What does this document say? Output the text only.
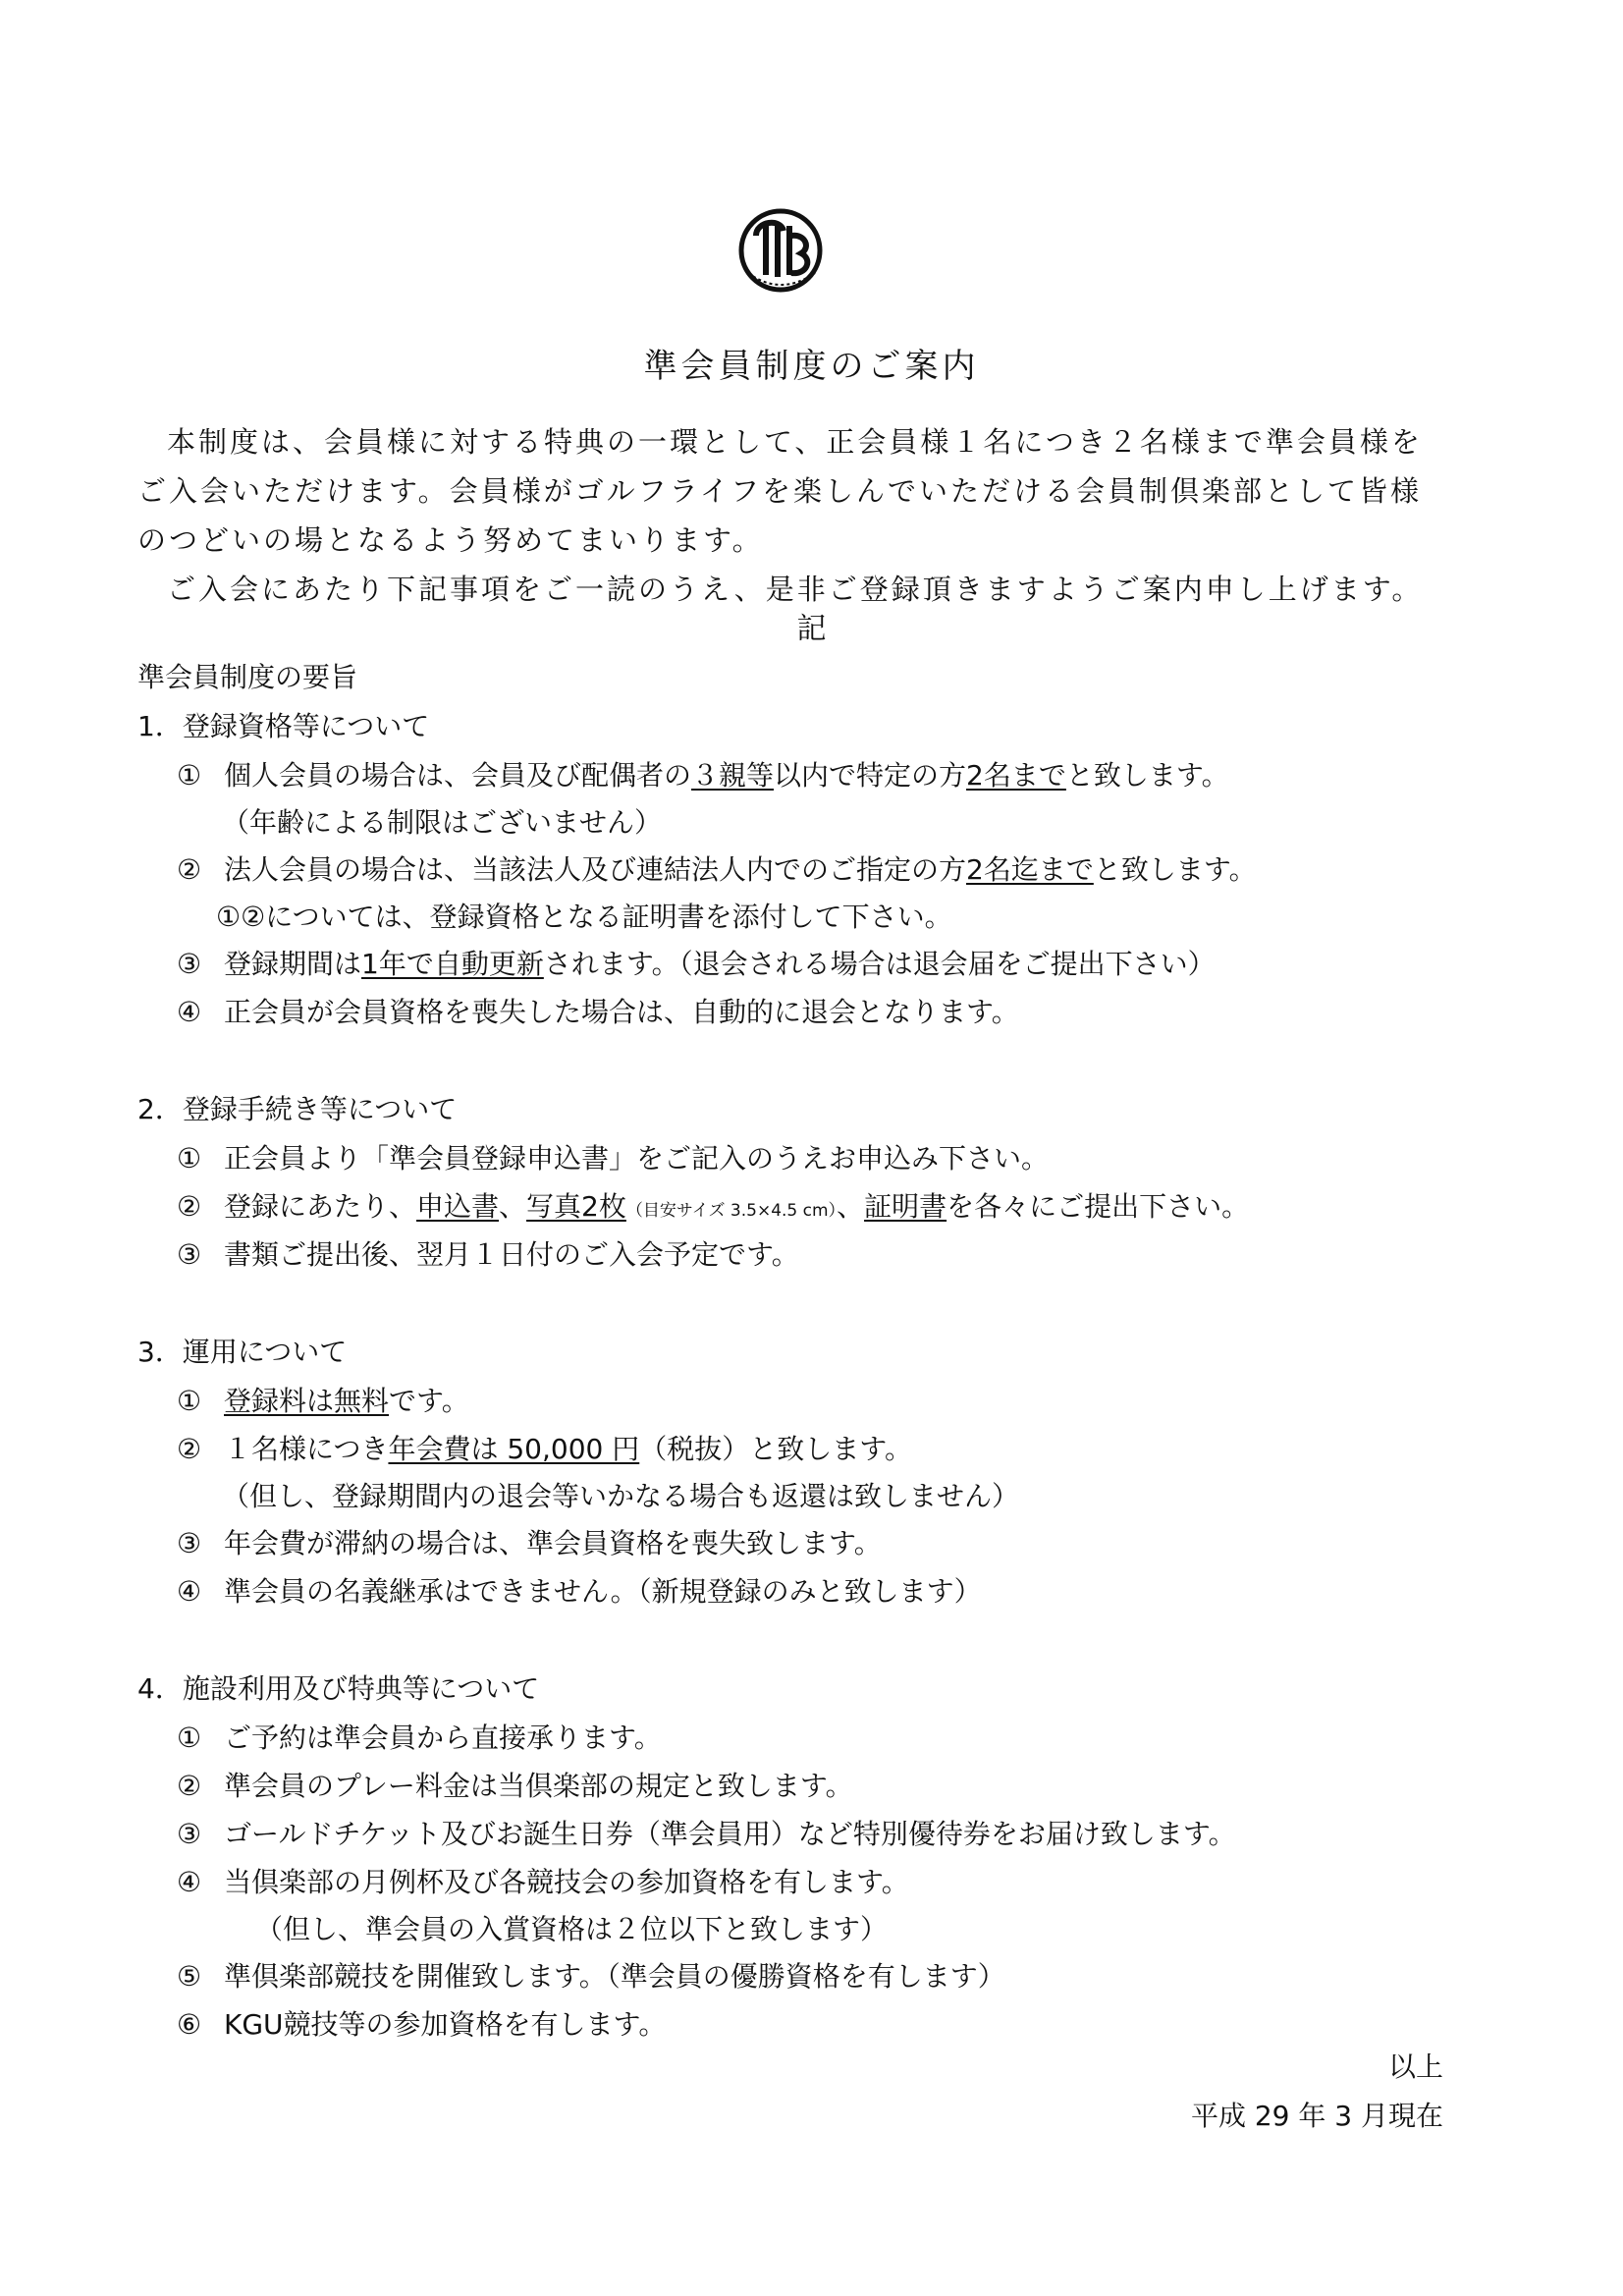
準会員制度のご案内

本制度は、会員様に対する特典の一環として、正会員様１名につき２名様まで準会員様を

ご入会いただけます。会員様がゴルフライフを楽しんでいただける会員制倶楽部として皆様

のつどいの場となるよう努めてまいります。

ご入会にあたり下記事項をご一読のうえ、是非ご登録頂きますようご案内申し上げます。

記
準会員制度の要旨
1．登録資格等について
① 個人会員の場合は、会員及び配偶者の３親等以内で特定の方2名までと致します。
（年齢による制限はございません）
② 法人会員の場合は、当該法人及び連結法人内でのご指定の方2名迄までと致します。
①②については、登録資格となる証明書を添付して下さい。
③ 登録期間は1年で自動更新されます。（退会される場合は退会届をご提出下さい）
④ 正会員が会員資格を喪失した場合は、自動的に退会となります。
2．登録手続き等について
① 正会員より「準会員登録申込書」をご記入のうえお申込み下さい。
② 登録にあたり、申込書、写真2枚（目安サイズ 3.5×4.5 cm）、証明書を各々にご提出下さい。
③ 書類ご提出後、翌月１日付のご入会予定です。
3．運用について
① 登録料は無料です。
② １名様につき年会費は 50,000 円（税抜）と致します。
（但し、登録期間内の退会等いかなる場合も返還は致しません）
③ 年会費が滞納の場合は、準会員資格を喪失致します。
④ 準会員の名義継承はできません。（新規登録のみと致します）
4．施設利用及び特典等について
① ご予約は準会員から直接承ります。
② 準会員のプレー料金は当倶楽部の規定と致します。
③ ゴールドチケット及びお誕生日券（準会員用）など特別優待券をお届け致します。
④ 当倶楽部の月例杯及び各競技会の参加資格を有します。
（但し、準会員の入賞資格は２位以下と致します）
⑤ 準倶楽部競技を開催致します。（準会員の優勝資格を有します）
⑥ KGU競技等の参加資格を有します。
以上
平成 29 年 3 月現在
